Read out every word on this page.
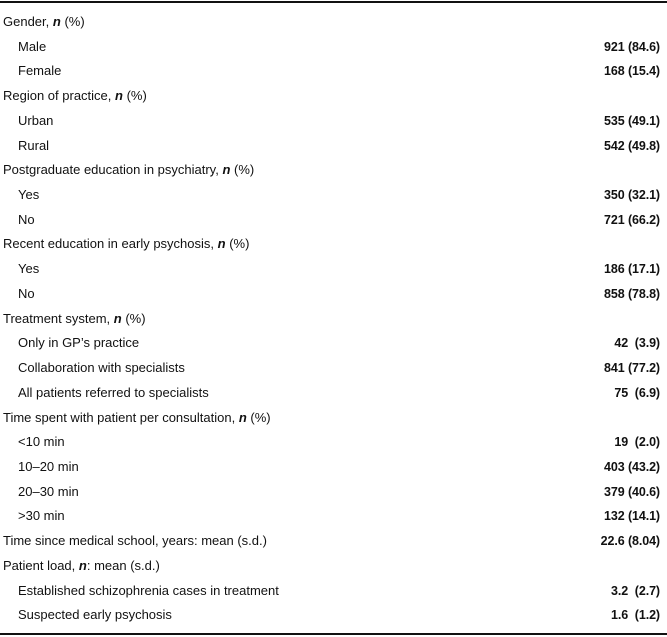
Gender, n (%)
Male	921 (84.6)
Female	168 (15.4)
Region of practice, n (%)
Urban	535 (49.1)
Rural	542 (49.8)
Postgraduate education in psychiatry, n (%)
Yes	350 (32.1)
No	721 (66.2)
Recent education in early psychosis, n (%)
Yes	186 (17.1)
No	858 (78.8)
Treatment system, n (%)
Only in GP’s practice	42  (3.9)
Collaboration with specialists	841 (77.2)
All patients referred to specialists	75  (6.9)
Time spent with patient per consultation, n (%)
<10 min	19  (2.0)
10–20 min	403 (43.2)
20–30 min	379 (40.6)
>30 min	132 (14.1)
Time since medical school, years: mean (s.d.)	22.6 (8.04)
Patient load, n: mean (s.d.)
Established schizophrenia cases in treatment	3.2  (2.7)
Suspected early psychosis	1.6  (1.2)
